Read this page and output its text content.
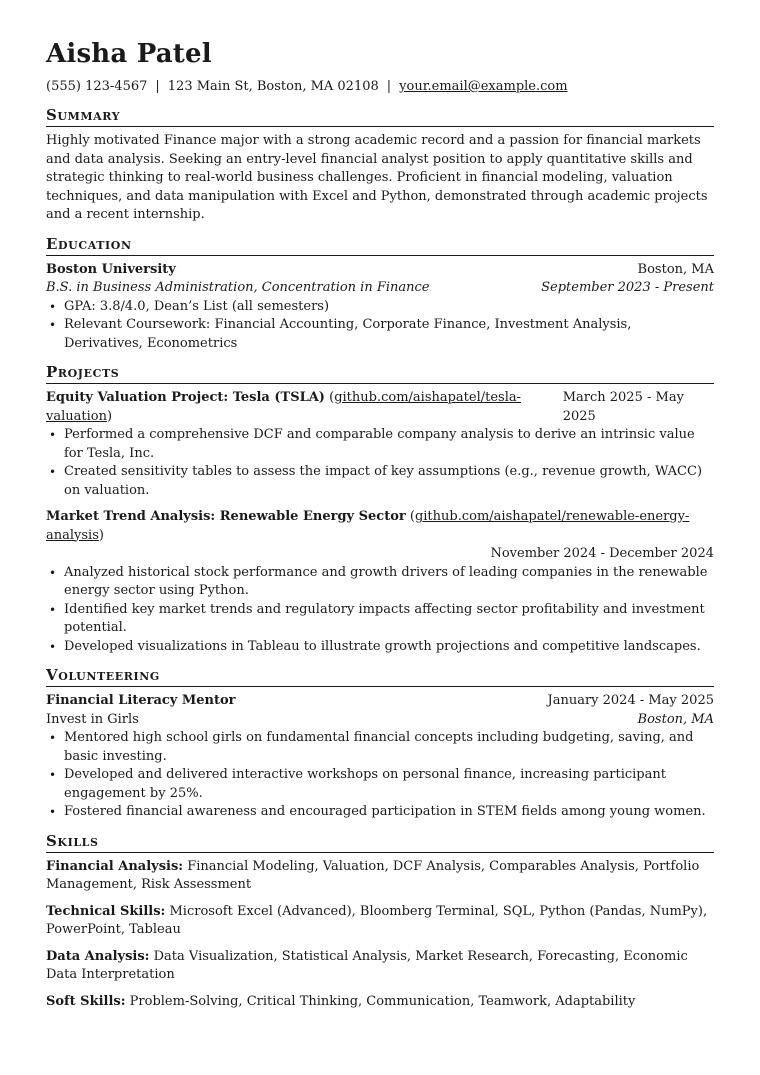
Aisha Patel
(555) 123-4567 | 123 Main St, Boston, MA 02108 | your.email@example.com
Summary
Highly motivated Finance major with a strong academic record and a passion for financial markets and data analysis. Seeking an entry-level financial analyst position to apply quantitative skills and strategic thinking to real-world business challenges. Proficient in financial modeling, valuation techniques, and data manipulation with Excel and Python, demonstrated through academic projects and a recent internship.
Education
Boston University	Boston, MA
B.S. in Business Administration, Concentration in Finance	September 2023 - Present
• GPA: 3.8/4.0, Dean’s List (all semesters)
• Relevant Coursework: Financial Accounting, Corporate Finance, Investment Analysis, Derivatives, Econometrics
Projects
Equity Valuation Project: Tesla (TSLA) (github.com/aishapatel/tesla-valuation)
March 2025 - May 2025
• Performed a comprehensive DCF and comparable company analysis to derive an intrinsic value for Tesla, Inc.
• Created sensitivity tables to assess the impact of key assumptions (e.g., revenue growth, WACC) on valuation.
Market Trend Analysis: Renewable Energy Sector (github.com/aishapatel/renewable-energy-analysis)
November 2024 - December 2024
• Analyzed historical stock performance and growth drivers of leading companies in the renewable energy sector using Python.
• Identified key market trends and regulatory impacts affecting sector profitability and investment potential.
• Developed visualizations in Tableau to illustrate growth projections and competitive landscapes.
Volunteering
Financial Literacy Mentor	January 2024 - May 2025
Invest in Girls	Boston, MA
• Mentored high school girls on fundamental financial concepts including budgeting, saving, and basic investing.
• Developed and delivered interactive workshops on personal finance, increasing participant engagement by 25%.
• Fostered financial awareness and encouraged participation in STEM fields among young women.
Skills
Financial Analysis: Financial Modeling, Valuation, DCF Analysis, Comparables Analysis, Portfolio Management, Risk Assessment
Technical Skills: Microsoft Excel (Advanced), Bloomberg Terminal, SQL, Python (Pandas, NumPy), PowerPoint, Tableau
Data Analysis: Data Visualization, Statistical Analysis, Market Research, Forecasting, Economic Data Interpretation
Soft Skills: Problem-Solving, Critical Thinking, Communication, Teamwork, Adaptability
